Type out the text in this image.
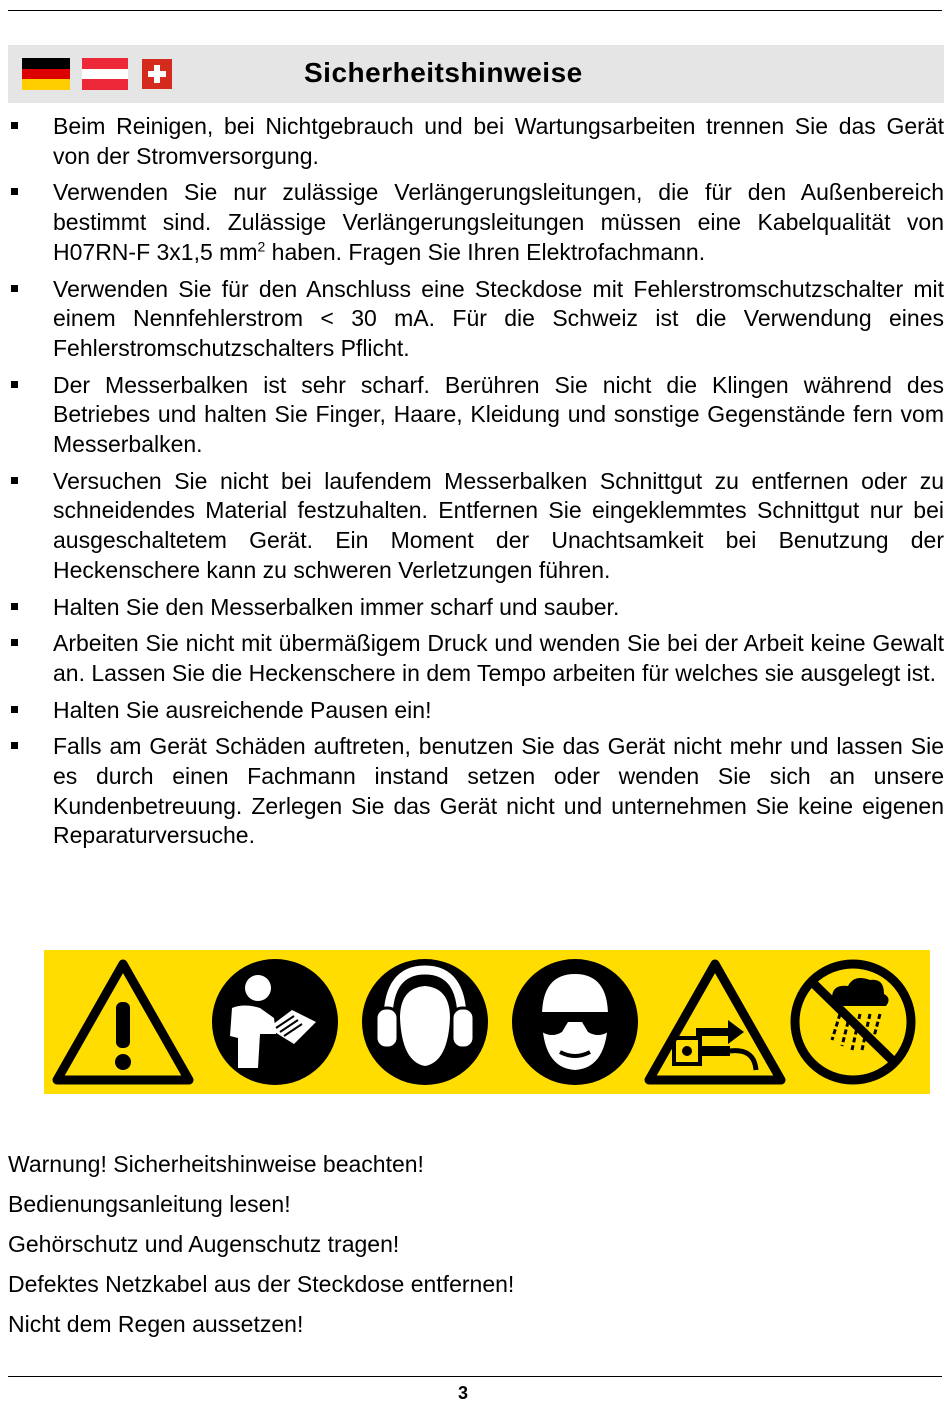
Sicherheitshinweise
Beim Reinigen, bei Nichtgebrauch und bei Wartungsarbeiten trennen Sie das Gerät von der Stromversorgung.
Verwenden Sie nur zulässige Verlängerungsleitungen, die für den Außenbereich bestimmt sind. Zulässige Verlängerungsleitungen müssen eine Kabelqualität von H07RN-F 3x1,5 $mm^2$ haben. Fragen Sie Ihren Elektrofachmann.
Verwenden Sie für den Anschluss eine Steckdose mit Fehlerstromschutzschalter mit einem Nennfehlerstrom < 30 mA. Für die Schweiz ist die Verwendung eines Fehlerstromschutzschalters Pflicht.
Der Messerbalken ist sehr scharf. Berühren Sie nicht die Klingen während des Betriebes und halten Sie Finger, Haare, Kleidung und sonstige Gegenstände fern vom Messerbalken.
Versuchen Sie nicht bei laufendem Messerbalken Schnittgut zu entfernen oder zu schneidendes Material festzuhalten. Entfernen Sie eingeklemmtes Schnittgut nur bei ausgeschaltetem Gerät. Ein Moment der Unachtsamkeit bei Benutzung der Heckenschere kann zu schweren Verletzungen führen.
Halten Sie den Messerbalken immer scharf und sauber.
Arbeiten Sie nicht mit übermäßigem Druck und wenden Sie bei der Arbeit keine Gewalt an. Lassen Sie die Heckenschere in dem Tempo arbeiten für welches sie ausgelegt ist.
Halten Sie ausreichende Pausen ein!
Falls am Gerät Schäden auftreten, benutzen Sie das Gerät nicht mehr und lassen Sie es durch einen Fachmann instand setzen oder wenden Sie sich an unsere Kundenbetreuung. Zerlegen Sie das Gerät nicht und unternehmen Sie keine eigenen Reparaturversuche.
Warnung! Sicherheitshinweise beachten!
Bedienungsanleitung lesen!
Gehörschutz und Augenschutz tragen!
Defektes Netzkabel aus der Steckdose entfernen!
Nicht dem Regen aussetzen!
3
